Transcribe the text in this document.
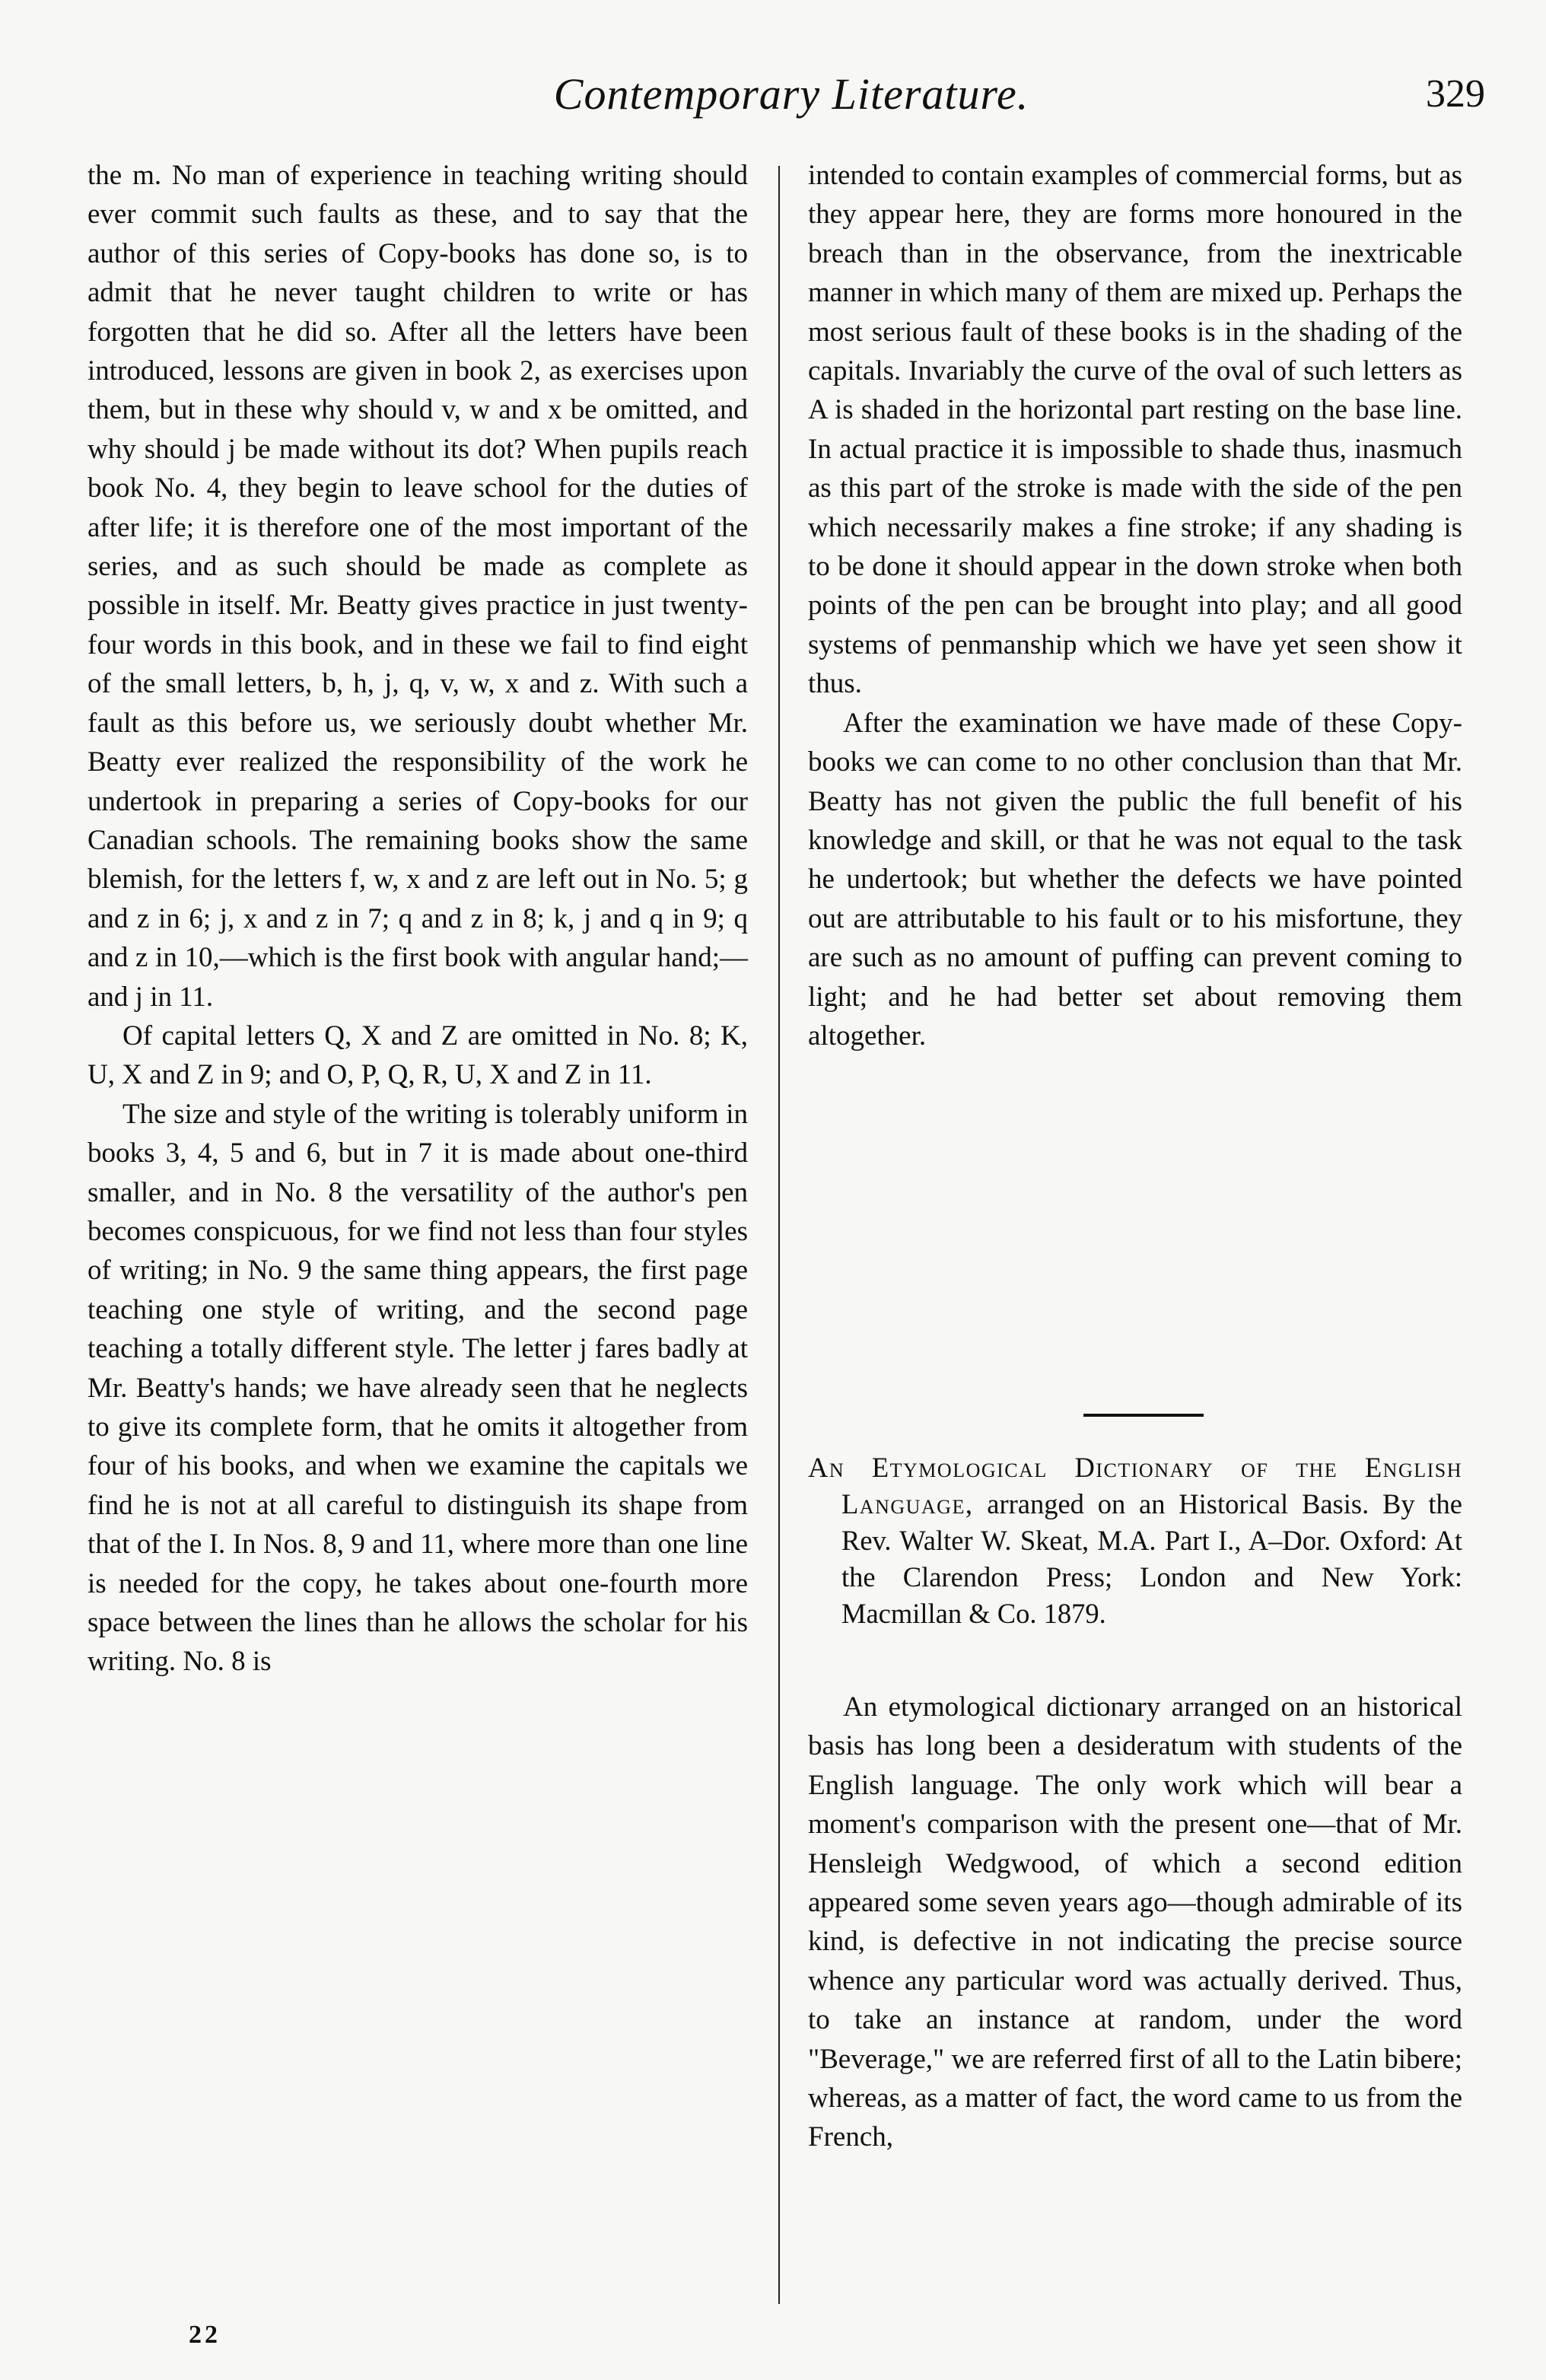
Contemporary Literature.	329

the m. No man of experience in teaching writing should ever commit such faults as these, and to say that the author of this series of Copy-books has done so, is to admit that he never taught children to write or has forgotten that he did so. After all the letters have been introduced, lessons are given in book 2, as exercises upon them, but in these why should v, w and x be omitted, and why should j be made without its dot? When pupils reach book No. 4, they begin to leave school for the duties of after life; it is therefore one of the most important of the series, and as such should be made as complete as possible in itself. Mr. Beatty gives practice in just twenty-four words in this book, and in these we fail to find eight of the small letters, b, h, j, q, v, w, x and z. With such a fault as this before us, we seriously doubt whether Mr. Beatty ever realized the responsibility of the work he undertook in preparing a series of Copy-books for our Canadian schools. The remaining books show the same blemish, for the letters f, w, x and z are left out in No. 5; g and z in 6; j, x and z in 7; q and z in 8; k, j and q in 9; q and z in 10,—which is the first book with angular hand;—and j in 11.

Of capital letters Q, X and Z are omitted in No. 8; K, U, X and Z in 9; and O, P, Q, R, U, X and Z in 11.

The size and style of the writing is tolerably uniform in books 3, 4, 5 and 6, but in 7 it is made about one-third smaller, and in No. 8 the versatility of the author's pen becomes conspicuous, for we find not less than four styles of writing; in No. 9 the same thing appears, the first page teaching one style of writing, and the second page teaching a totally different style. The letter j fares badly at Mr. Beatty's hands; we have already seen that he neglects to give its complete form, that he omits it altogether from four of his books, and when we examine the capitals we find he is not at all careful to distinguish its shape from that of the I. In Nos. 8, 9 and 11, where more than one line is needed for the copy, he takes about one-fourth more space between the lines than he allows the scholar for his writing. No. 8 is

intended to contain examples of commercial forms, but as they appear here, they are forms more honoured in the breach than in the observance, from the inextricable manner in which many of them are mixed up. Perhaps the most serious fault of these books is in the shading of the capitals. Invariably the curve of the oval of such letters as A is shaded in the horizontal part resting on the base line. In actual practice it is impossible to shade thus, inasmuch as this part of the stroke is made with the side of the pen which necessarily makes a fine stroke; if any shading is to be done it should appear in the down stroke when both points of the pen can be brought into play; and all good systems of penmanship which we have yet seen show it thus.

After the examination we have made of these Copy-books we can come to no other conclusion than that Mr. Beatty has not given the public the full benefit of his knowledge and skill, or that he was not equal to the task he undertook; but whether the defects we have pointed out are attributable to his fault or to his misfortune, they are such as no amount of puffing can prevent coming to light; and he had better set about removing them altogether.

An Etymological Dictionary of the English Language, arranged on an Historical Basis. By the Rev. Walter W. Skeat, M.A. Part I., A–Dor. Oxford: At the Clarendon Press; London and New York: Macmillan & Co. 1879.

An etymological dictionary arranged on an historical basis has long been a desideratum with students of the English language. The only work which will bear a moment's comparison with the present one—that of Mr. Hensleigh Wedgwood, of which a second edition appeared some seven years ago—though admirable of its kind, is defective in not indicating the precise source whence any particular word was actually derived. Thus, to take an instance at random, under the word "Beverage," we are referred first of all to the Latin bibere; whereas, as a matter of fact, the word came to us from the French,

22
